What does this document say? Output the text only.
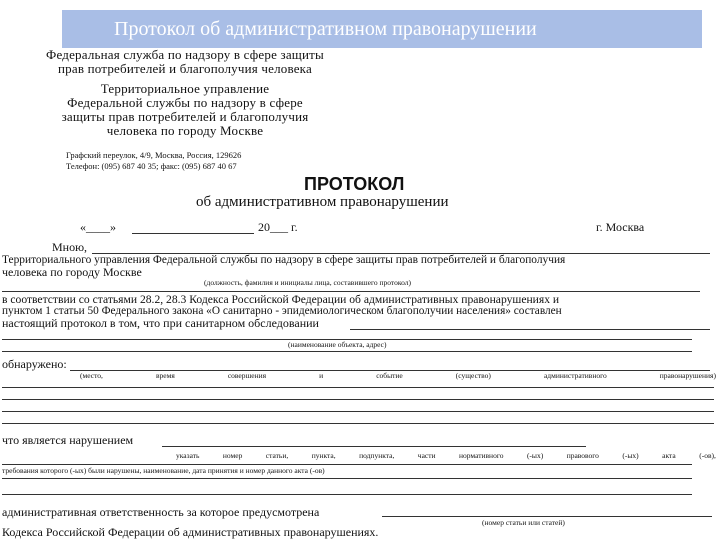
Протокол об административном правонарушении
Федеральная служба по надзору в сфере защиты
прав потребителей и благополучия человека
Территориальное управление
Федеральной службы по надзору в сфере
защиты прав потребителей и благополучия
человека по городу Москве
Графский переулок, 4/9, Москва, Россия, 129626
Телефон: (095) 687 40 35; факс: (095) 687 40 67
ПРОТОКОЛ
об административном правонарушении
«____»	20___ г.	г. Москва
Мною,
Территориального управления Федеральной службы по надзору в сфере защиты прав потребителей и благополучия
человека по городу Москве
(должность, фамилия и инициалы лица, составившего протокол)
в соответствии со статьями 28.2, 28.3 Кодекса Российской Федерации об административных правонарушениях и
пунктом 1 статьи 50 Федерального закона «О санитарно - эпидемиологическом благополучии населения» составлен
настоящий протокол в том, что при санитарном обследовании
(наименование объекта, адрес)
обнаружено:
(место,	время	совершения	и	событие	(существо)	административного	правонарушения)
что является нарушением
указать	номер	статьи,	пункта,	подпункта,	части	нормативного	(-ых)	правового	(-ых)	акта	(-ов),
требования которого (-ых) были нарушены, наименование, дата принятия и номер данного акта (-ов)
административная ответственность за которое предусмотрена
(номер статьи или статей)
Кодекса Российской Федерации об административных правонарушениях.
